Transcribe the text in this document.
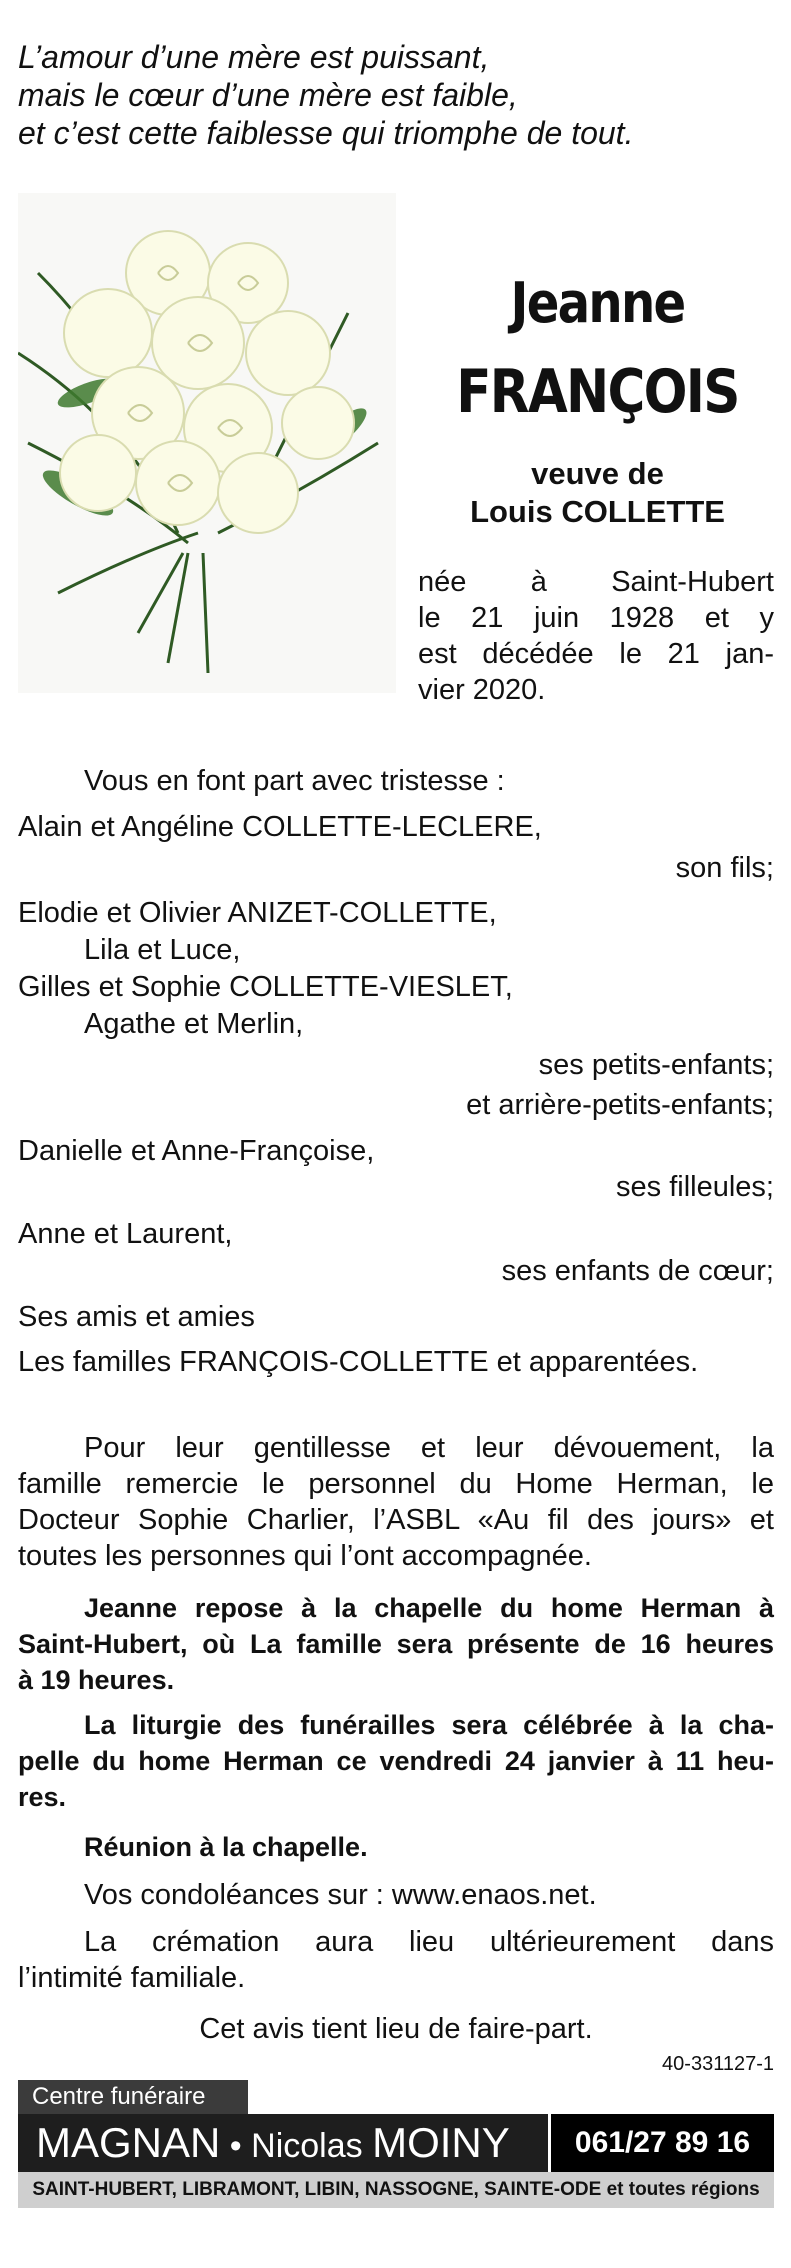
L’amour d’une mère est puissant,
mais le cœur d’une mère est faible,
et c’est cette faiblesse qui triomphe de tout.
Jeanne
FRANÇOIS
veuve de
Louis COLLETTE
née à Saint-Hubert
le 21 juin 1928 et y
est décédée le 21 jan-
vier 2020.
Vous en font part avec tristesse :
Alain et Angéline COLLETTE-LECLERE,
son fils;
Elodie et Olivier ANIZET-COLLETTE,
Lila et Luce,
Gilles et Sophie COLLETTE-VIESLET,
Agathe et Merlin,
ses petits-enfants;
et arrière-petits-enfants;
Danielle et Anne-Françoise,
ses filleules;
Anne et Laurent,
ses enfants de cœur;
Ses amis et amies
Les familles FRANÇOIS-COLLETTE et apparentées.
Pour leur gentillesse et leur dévouement, la
famille remercie le personnel du Home Herman, le
Docteur Sophie Charlier, l’ASBL «Au fil des jours» et
toutes les personnes qui l’ont accompagnée.
Jeanne repose à la chapelle du home Herman à
Saint-Hubert, où La famille sera présente de 16 heures
à 19 heures.
La liturgie des funérailles sera célébrée à la cha-
pelle du home Herman ce vendredi 24 janvier à 11 heu-
res.
Réunion à la chapelle.
Vos condoléances sur : www.enaos.net.
La crémation aura lieu ultérieurement dans
l’intimité familiale.
Cet avis tient lieu de faire-part.
40-331127-1
Centre funéraire
MAGNAN • Nicolas MOINY	061/27 89 16
SAINT-HUBERT, LIBRAMONT, LIBIN, NASSOGNE, SAINTE-ODE et toutes régions
